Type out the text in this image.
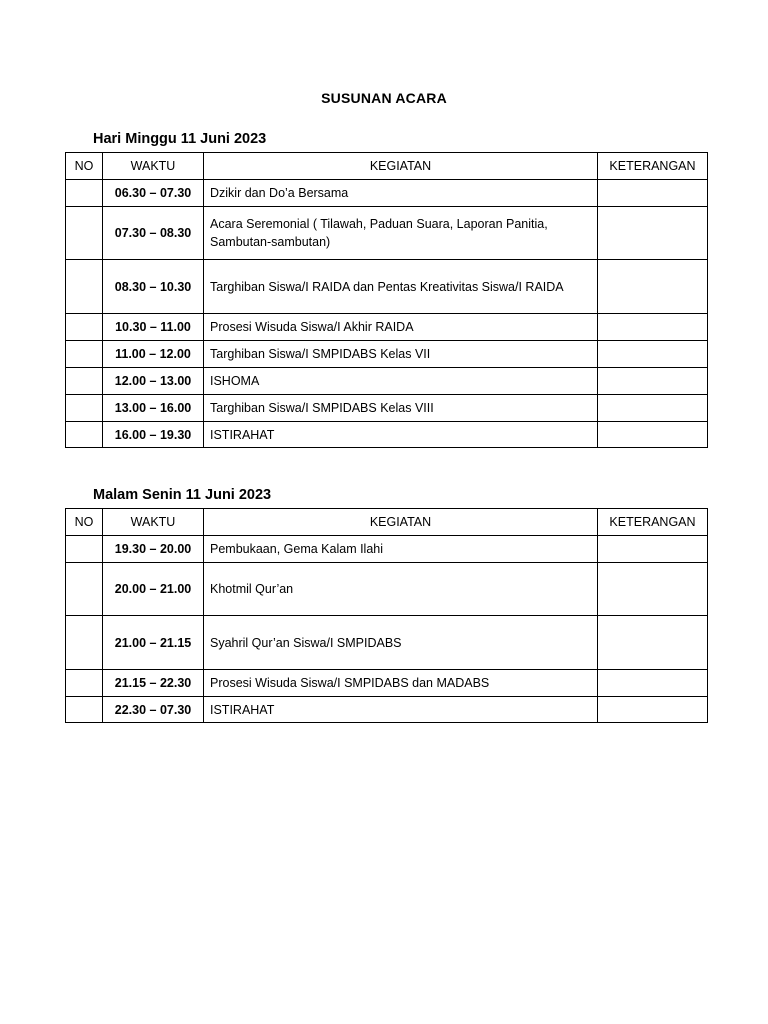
SUSUNAN ACARA
Hari Minggu 11 Juni 2023
NO	WAKTU	KEGIATAN	KETERANGAN
	06.30 – 07.30	Dzikir dan Do’a Bersama	
	07.30 – 08.30	Acara Seremonial ( Tilawah, Paduan Suara, Laporan Panitia, Sambutan-sambutan)	
	08.30 – 10.30	Targhiban Siswa/I RAIDA dan Pentas Kreativitas Siswa/I RAIDA	
	10.30 – 11.00	Prosesi Wisuda Siswa/I Akhir RAIDA	
	11.00 – 12.00	Targhiban Siswa/I SMPIDABS Kelas VII	
	12.00 – 13.00	ISHOMA	
	13.00 – 16.00	Targhiban Siswa/I SMPIDABS Kelas VIII	
	16.00 – 19.30	ISTIRAHAT	
Malam Senin 11 Juni 2023
NO	WAKTU	KEGIATAN	KETERANGAN
	19.30 – 20.00	Pembukaan, Gema Kalam Ilahi	
	20.00 – 21.00	Khotmil Qur’an	
	21.00 – 21.15	Syahril Qur’an Siswa/I SMPIDABS	
	21.15 – 22.30	Prosesi Wisuda Siswa/I SMPIDABS dan MADABS	
	22.30 – 07.30	ISTIRAHAT	
